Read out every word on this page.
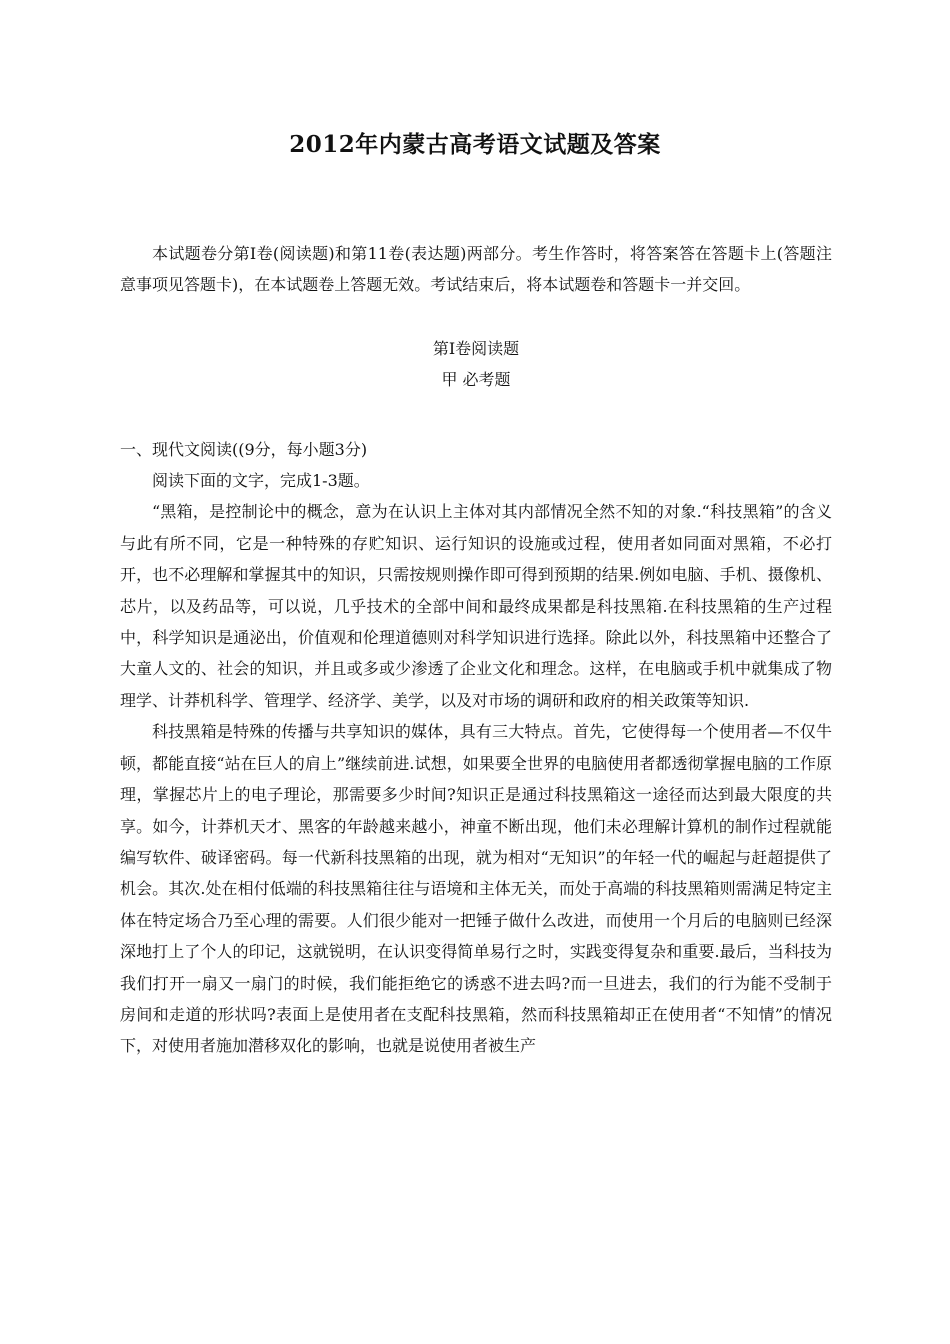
2012年内蒙古高考语文试题及答案

本试题卷分第I卷(阅读题)和第11卷(表达题)两部分。考生作答时，将答案答在答题卡上(答题注意事项见答题卡)，在本试题卷上答题无效。考试结束后，将本试题卷和答题卡一并交回。

第I卷阅读题
甲 必考题

一、现代文阅读((9分，每小题3分)

阅读下面的文字，完成1-3题。

“黑箱，是控制论中的概念，意为在认识上主体对其内部情况全然不知的对象.“科技黑箱”的含义与此有所不同，它是一种特殊的存贮知识、运行知识的设施或过程，使用者如同面对黑箱，不必打开，也不必理解和掌握其中的知识，只需按规则操作即可得到预期的结果.例如电脑、手机、摄像机、芯片，以及药品等，可以说，几乎技术的全部中间和最终成果都是科技黑箱.在科技黑箱的生产过程中，科学知识是通泌出，价值观和伦理道德则对科学知识进行选择。除此以外，科技黑箱中还整合了大童人文的、社会的知识，并且或多或少渗透了企业文化和理念。这样，在电脑或手机中就集成了物理学、计莽机科学、管理学、经济学、美学，以及对市场的调研和政府的相关政策等知识.

科技黑箱是特殊的传播与共享知识的媒体，具有三大特点。首先，它使得每一个使用者—不仅牛顿，都能直接“站在巨人的肩上”继续前进.试想，如果要全世界的电脑使用者都透彻掌握电脑的工作原理，掌握芯片上的电子理论，那需要多少时间?知识正是通过科技黑箱这一途径而达到最大限度的共享。如今，计莽机天才、黑客的年龄越来越小，神童不断出现，他们未必理解计算机的制作过程就能编写软件、破译密码。每一代新科技黑箱的出现，就为相对“无知识”的年轻一代的崛起与赶超提供了机会。其次.处在相付低端的科技黑箱往往与语境和主体无关，而处于高端的科技黑箱则需满足特定主体在特定场合乃至心理的需要。人们很少能对一把锤子做什么改进，而使用一个月后的电脑则已经深深地打上了个人的印记，这就锐明，在认识变得简单易行之时，实践变得复杂和重要.最后，当科技为我们打开一扇又一扇门的时候，我们能拒绝它的诱惑不进去吗?而一旦进去，我们的行为能不受制于房间和走道的形状吗?表面上是使用者在支配科技黑箱，然而科技黑箱却正在使用者“不知情”的情况下，对使用者施加潜移双化的影响，也就是说使用者被生产
